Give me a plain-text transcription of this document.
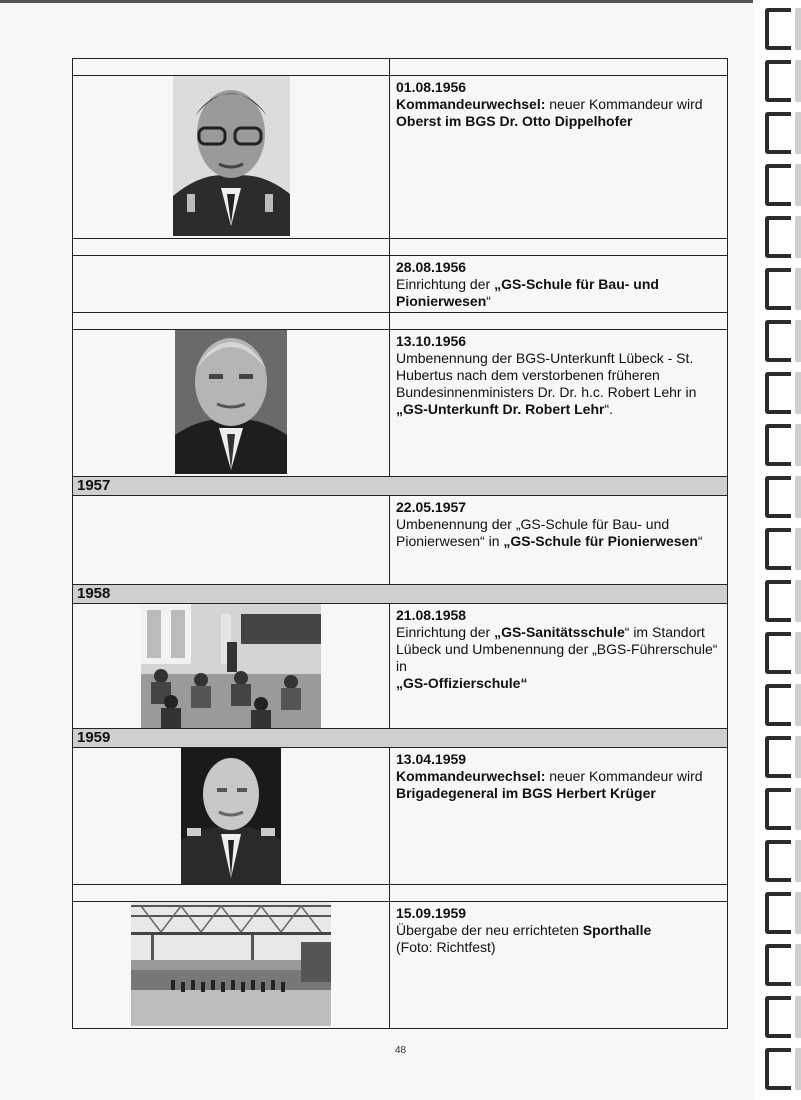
01.08.1956
Kommandeurwechsel: neuer Kommandeur wird
Oberst im BGS Dr. Otto Dippelhofer
28.08.1956
Einrichtung der „GS-Schule für Bau- und Pionierwesen“
13.10.1956
Umbenennung der BGS-Unterkunft Lübeck - St. Hubertus nach dem verstorbenen früheren Bundesinnenministers Dr. Dr. h.c. Robert Lehr in
„GS-Unterkunft Dr. Robert Lehr“.
1957
22.05.1957
Umbenennung der „GS-Schule für Bau- und Pionierwesen“ in „GS-Schule für Pionierwesen“
1958
21.08.1958
Einrichtung der „GS-Sanitätsschule“ im Standort Lübeck und Umbenennung der „BGS-Führerschule“ in
„GS-Offizierschule“
1959
13.04.1959
Kommandeurwechsel: neuer Kommandeur wird Brigadegeneral im BGS Herbert Krüger
15.09.1959
Übergabe der neu errichteten Sporthalle
(Foto: Richtfest)
48
